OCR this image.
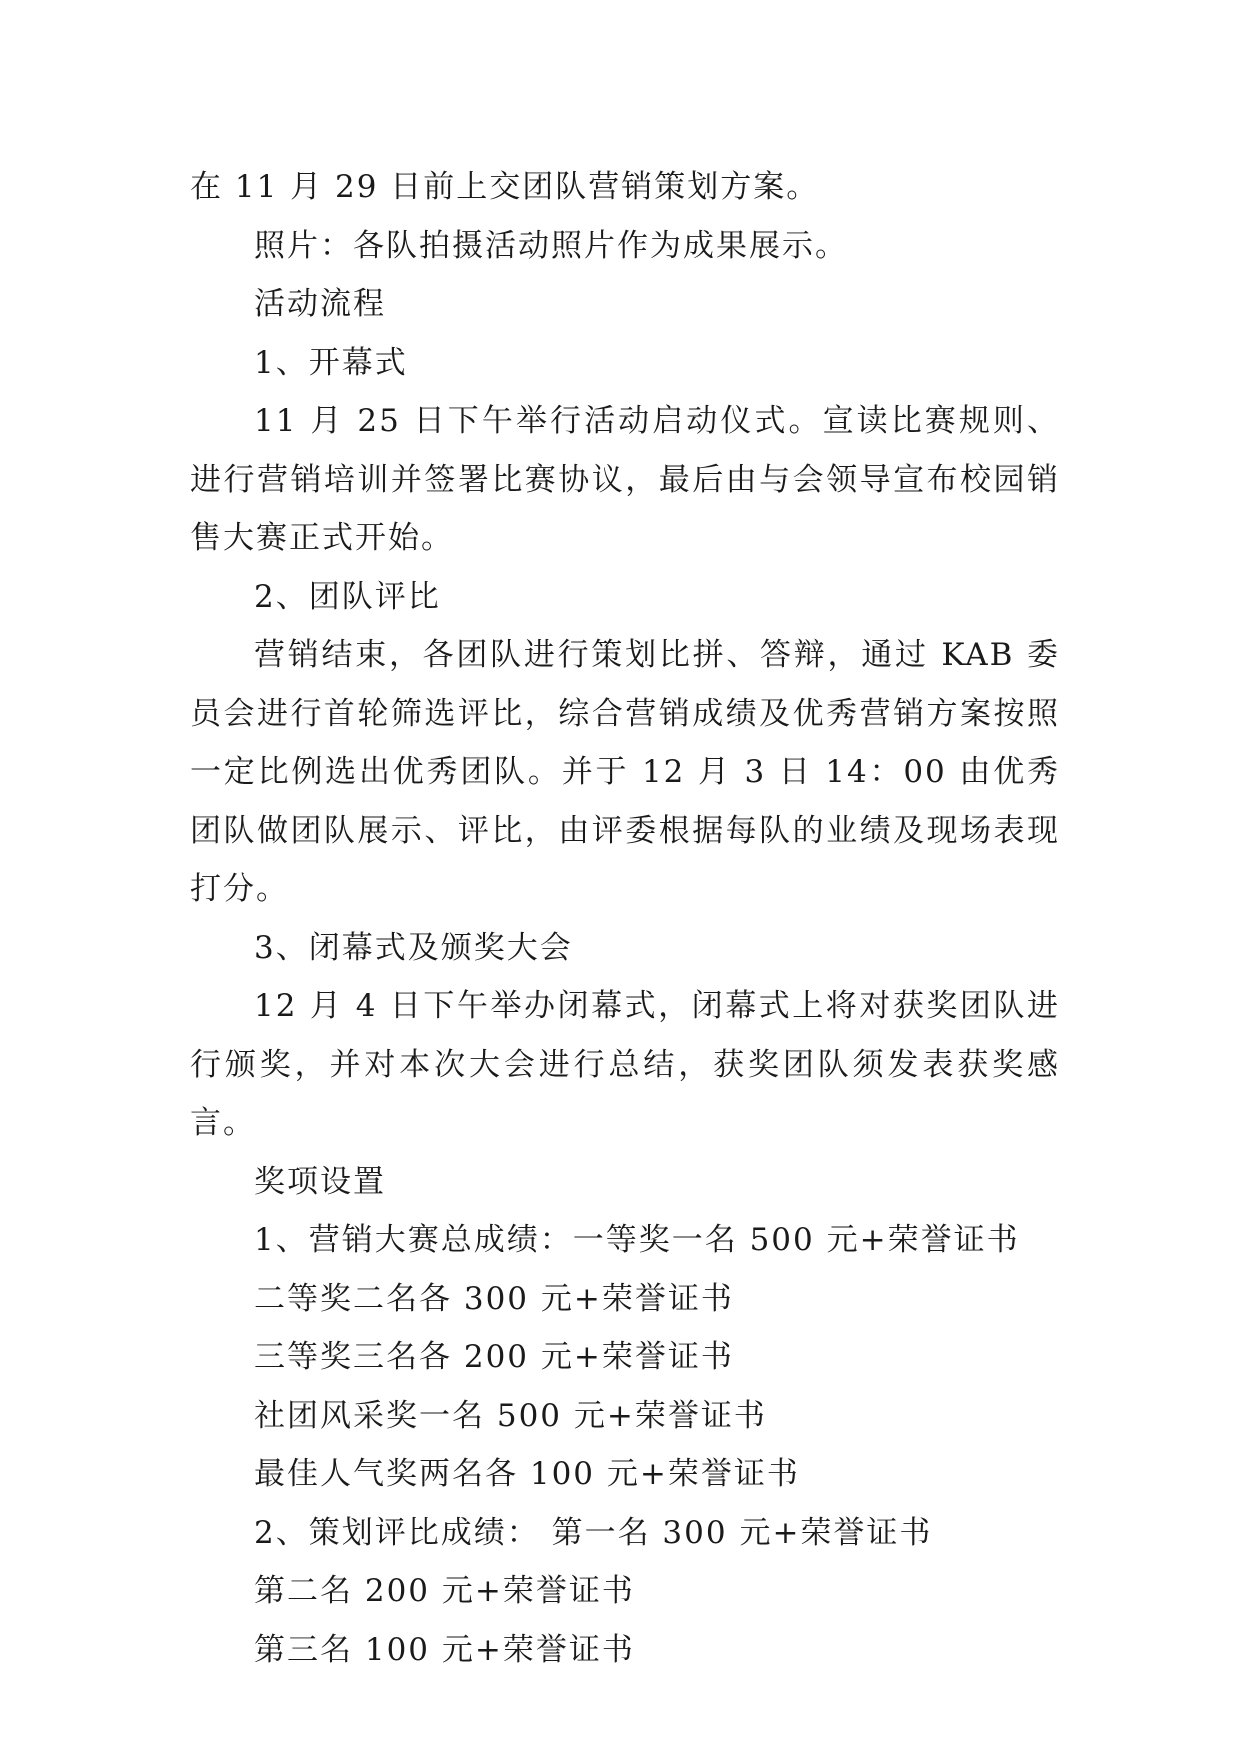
在 11 月 29 日前上交团队营销策划方案。

照片：各队拍摄活动照片作为成果展示。

活动流程

1、开幕式

11 月 25 日下午举行活动启动仪式。宣读比赛规则、进行营销培训并签署比赛协议，最后由与会领导宣布校园销售大赛正式开始。

2、团队评比

营销结束，各团队进行策划比拼、答辩，通过 KAB 委员会进行首轮筛选评比，综合营销成绩及优秀营销方案按照一定比例选出优秀团队。并于 12 月 3 日 14：00 由优秀团队做团队展示、评比，由评委根据每队的业绩及现场表现打分。

3、闭幕式及颁奖大会

12 月 4 日下午举办闭幕式，闭幕式上将对获奖团队进行颁奖，并对本次大会进行总结，获奖团队须发表获奖感言。

奖项设置

1、营销大赛总成绩：一等奖一名 500 元+荣誉证书

二等奖二名各 300 元+荣誉证书

三等奖三名各 200 元+荣誉证书

社团风采奖一名 500 元+荣誉证书

最佳人气奖两名各 100 元+荣誉证书

2、策划评比成绩： 第一名 300 元+荣誉证书

第二名 200 元+荣誉证书

第三名 100 元+荣誉证书
